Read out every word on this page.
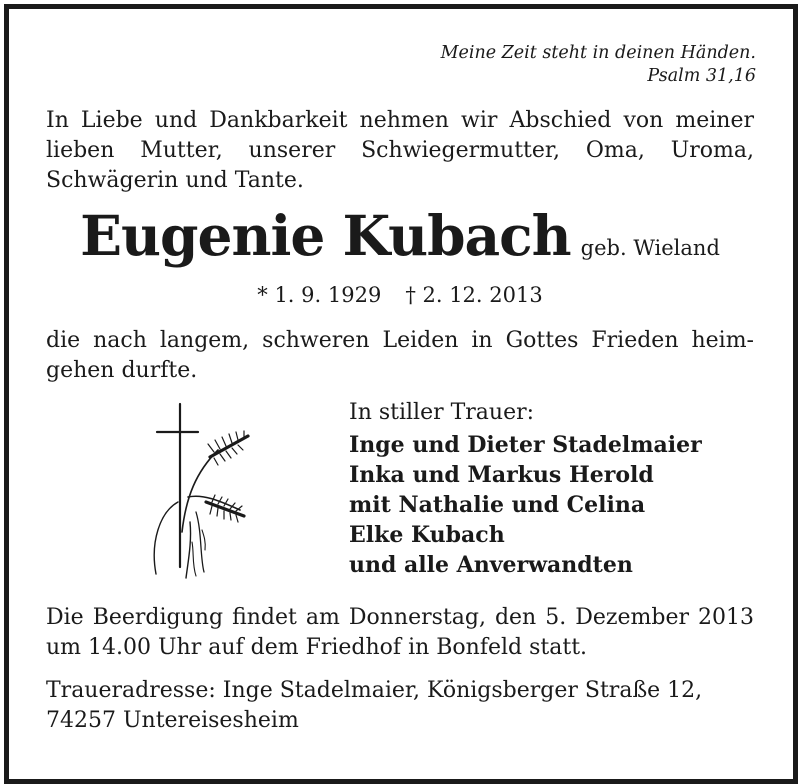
Meine Zeit steht in deinen Händen.
Psalm 31,16
In Liebe und Dankbarkeit nehmen wir Abschied von meiner lieben Mutter, unserer Schwiegermutter, Oma, Uroma, Schwägerin und Tante.
Eugenie Kubach geb. Wieland
* 1. 9. 1929 † 2. 12. 2013
die nach langem, schweren Leiden in Gottes Frieden heim-gehen durfte.
In stiller Trauer:
Inge und Dieter Stadelmaier
Inka und Markus Herold
mit Nathalie und Celina
Elke Kubach
und alle Anverwandten
Die Beerdigung findet am Donnerstag, den 5. Dezember 2013 um 14.00 Uhr auf dem Friedhof in Bonfeld statt.
Traueradresse: Inge Stadelmaier, Königsberger Straße 12,
74257 Untereisesheim
